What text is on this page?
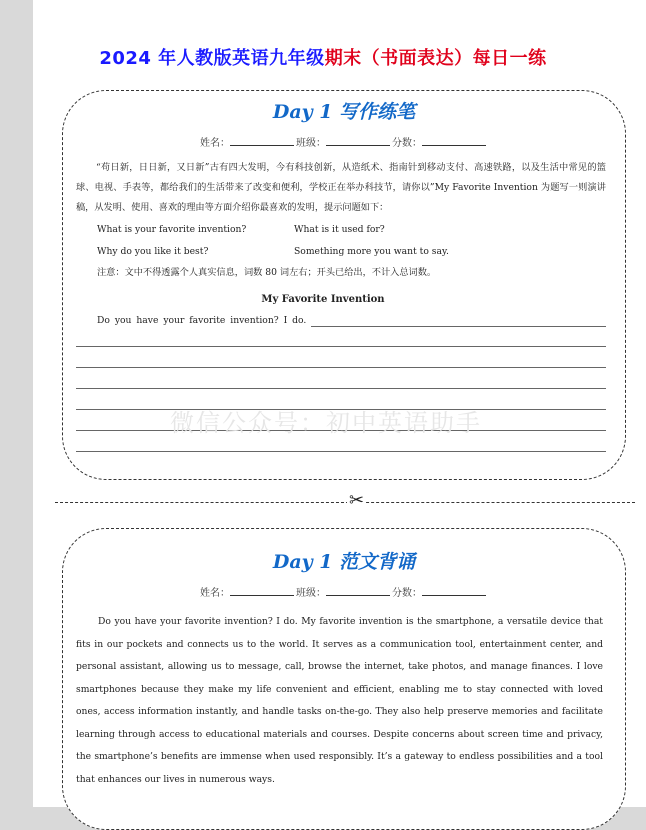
2024 年人教版英语九年级期末（书面表达）每日一练
Day 1 写作练笔
姓名：	班级：	分数：
“苟日新，日日新，又日新”古有四大发明，今有科技创新，从造纸术、指南针到移动支付、高速铁路，以及生活中常见的篮球、电视、手表等，都给我们的生活带来了改变和便利，学校正在举办科技节，请你以”My Favorite Invention 为题写一则演讲稿，从发明、使用、喜欢的理由等方面介绍你最喜欢的发明，提示问题如下：
What is your favorite invention?	What is it used for?
Why do you like it best?	Something more you want to say.
注意：文中不得透露个人真实信息，词数 80 词左右；开头已给出，不计入总词数。
My Favorite Invention
Do you have your favorite invention? I do.
微信公众号：初中英语助手
✂
Day 1 范文背诵
姓名：	班级：	分数：
Do you have your favorite invention? I do. My favorite invention is the smartphone, a versatile device that fits in our pockets and connects us to the world. It serves as a communication tool, entertainment center, and personal assistant, allowing us to message, call, browse the internet, take photos, and manage finances. I love smartphones because they make my life convenient and efficient, enabling me to stay connected with loved ones, access information instantly, and handle tasks on-the-go. They also help preserve memories and facilitate learning through access to educational materials and courses. Despite concerns about screen time and privacy, the smartphone’s benefits are immense when used responsibly. It’s a gateway to endless possibilities and a tool that enhances our lives in numerous ways.
